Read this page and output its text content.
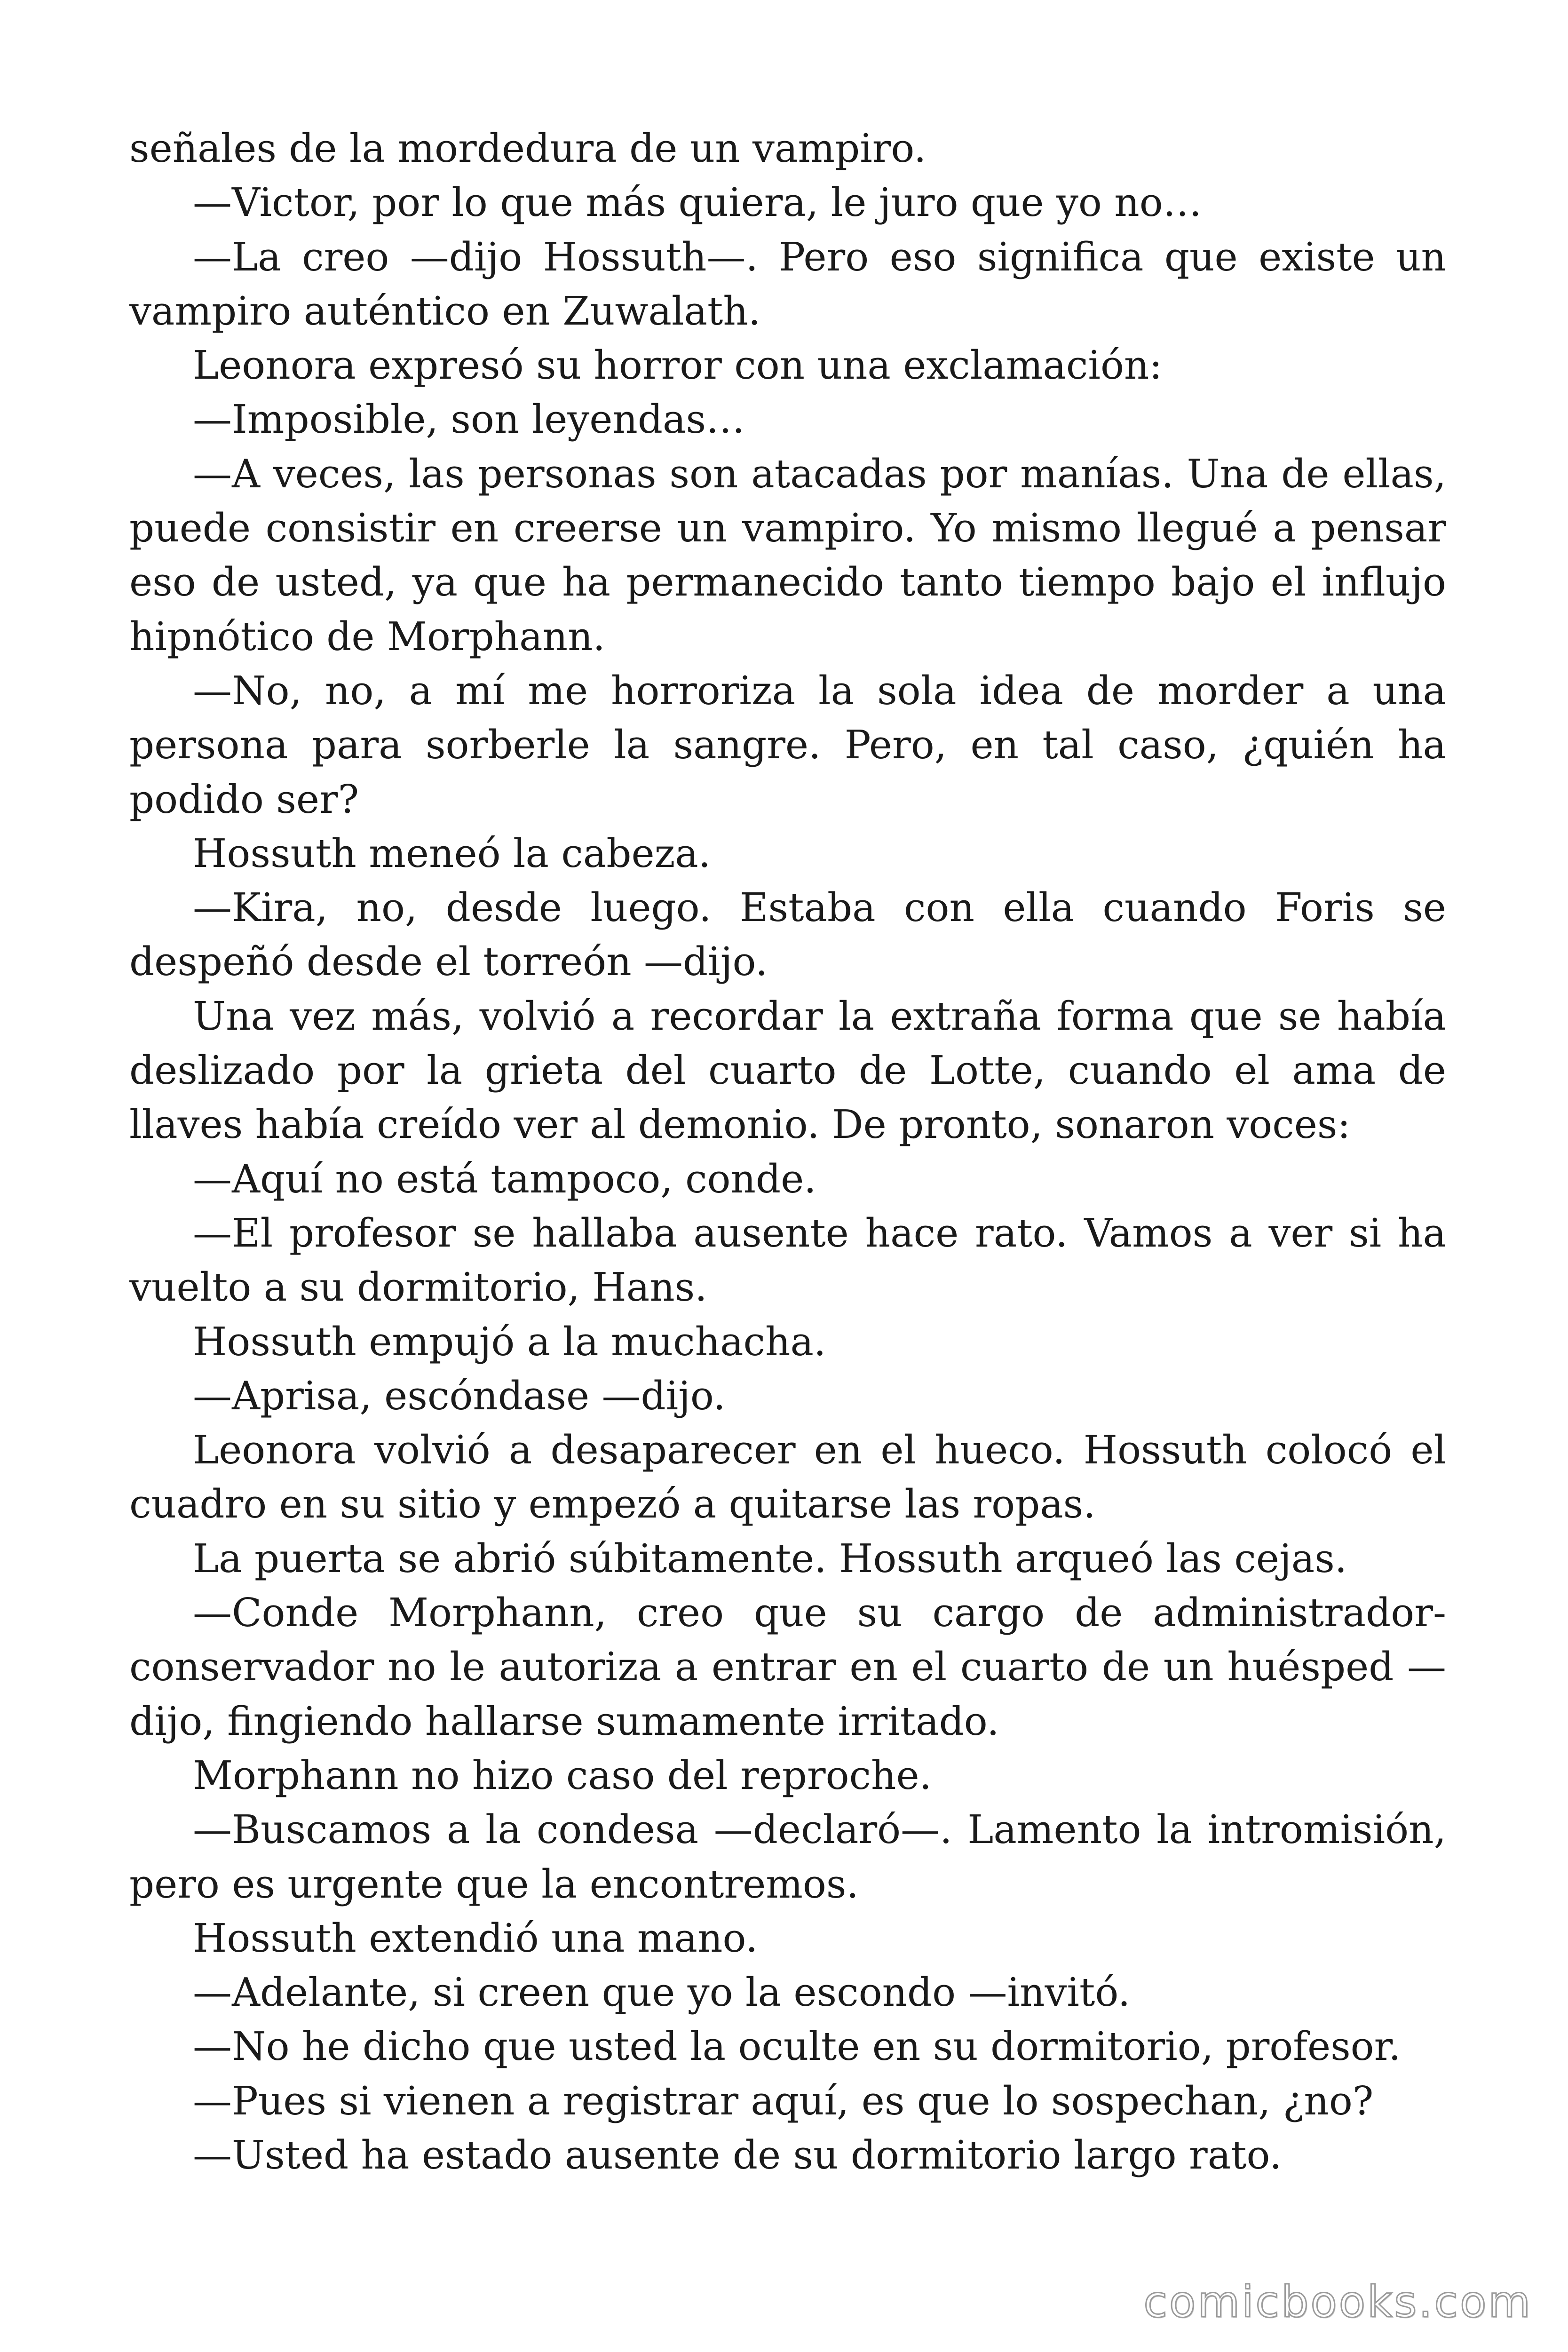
señales de la mordedura de un vampiro.

—Victor, por lo que más quiera, le juro que yo no…

—La creo —dijo Hossuth—. Pero eso significa que existe un vampiro auténtico en Zuwalath.

Leonora expresó su horror con una exclamación:

—Imposible, son leyendas…

—A veces, las personas son atacadas por manías. Una de ellas, puede consistir en creerse un vampiro. Yo mismo llegué a pensar eso de usted, ya que ha permanecido tanto tiempo bajo el influjo hipnótico de Morphann.

—No, no, a mí me horroriza la sola idea de morder a una persona para sorberle la sangre. Pero, en tal caso, ¿quién ha podido ser?

Hossuth meneó la cabeza.

—Kira, no, desde luego. Estaba con ella cuando Foris se despeñó desde el torreón —dijo.

Una vez más, volvió a recordar la extraña forma que se había deslizado por la grieta del cuarto de Lotte, cuando el ama de llaves había creído ver al demonio. De pronto, sonaron voces:

—Aquí no está tampoco, conde.

—El profesor se hallaba ausente hace rato. Vamos a ver si ha vuelto a su dormitorio, Hans.

Hossuth empujó a la muchacha.

—Aprisa, escóndase —dijo.

Leonora volvió a desaparecer en el hueco. Hossuth colocó el cuadro en su sitio y empezó a quitarse las ropas.

La puerta se abrió súbitamente. Hossuth arqueó las cejas.

—Conde Morphann, creo que su cargo de administrador-conservador no le autoriza a entrar en el cuarto de un huésped —dijo, fingiendo hallarse sumamente irritado.

Morphann no hizo caso del reproche.

—Buscamos a la condesa —declaró—. Lamento la intromisión, pero es urgente que la encontremos.

Hossuth extendió una mano.

—Adelante, si creen que yo la escondo —invitó.

—No he dicho que usted la oculte en su dormitorio, profesor.

—Pues si vienen a registrar aquí, es que lo sospechan, ¿no?

—Usted ha estado ausente de su dormitorio largo rato.

comicbooks.com
